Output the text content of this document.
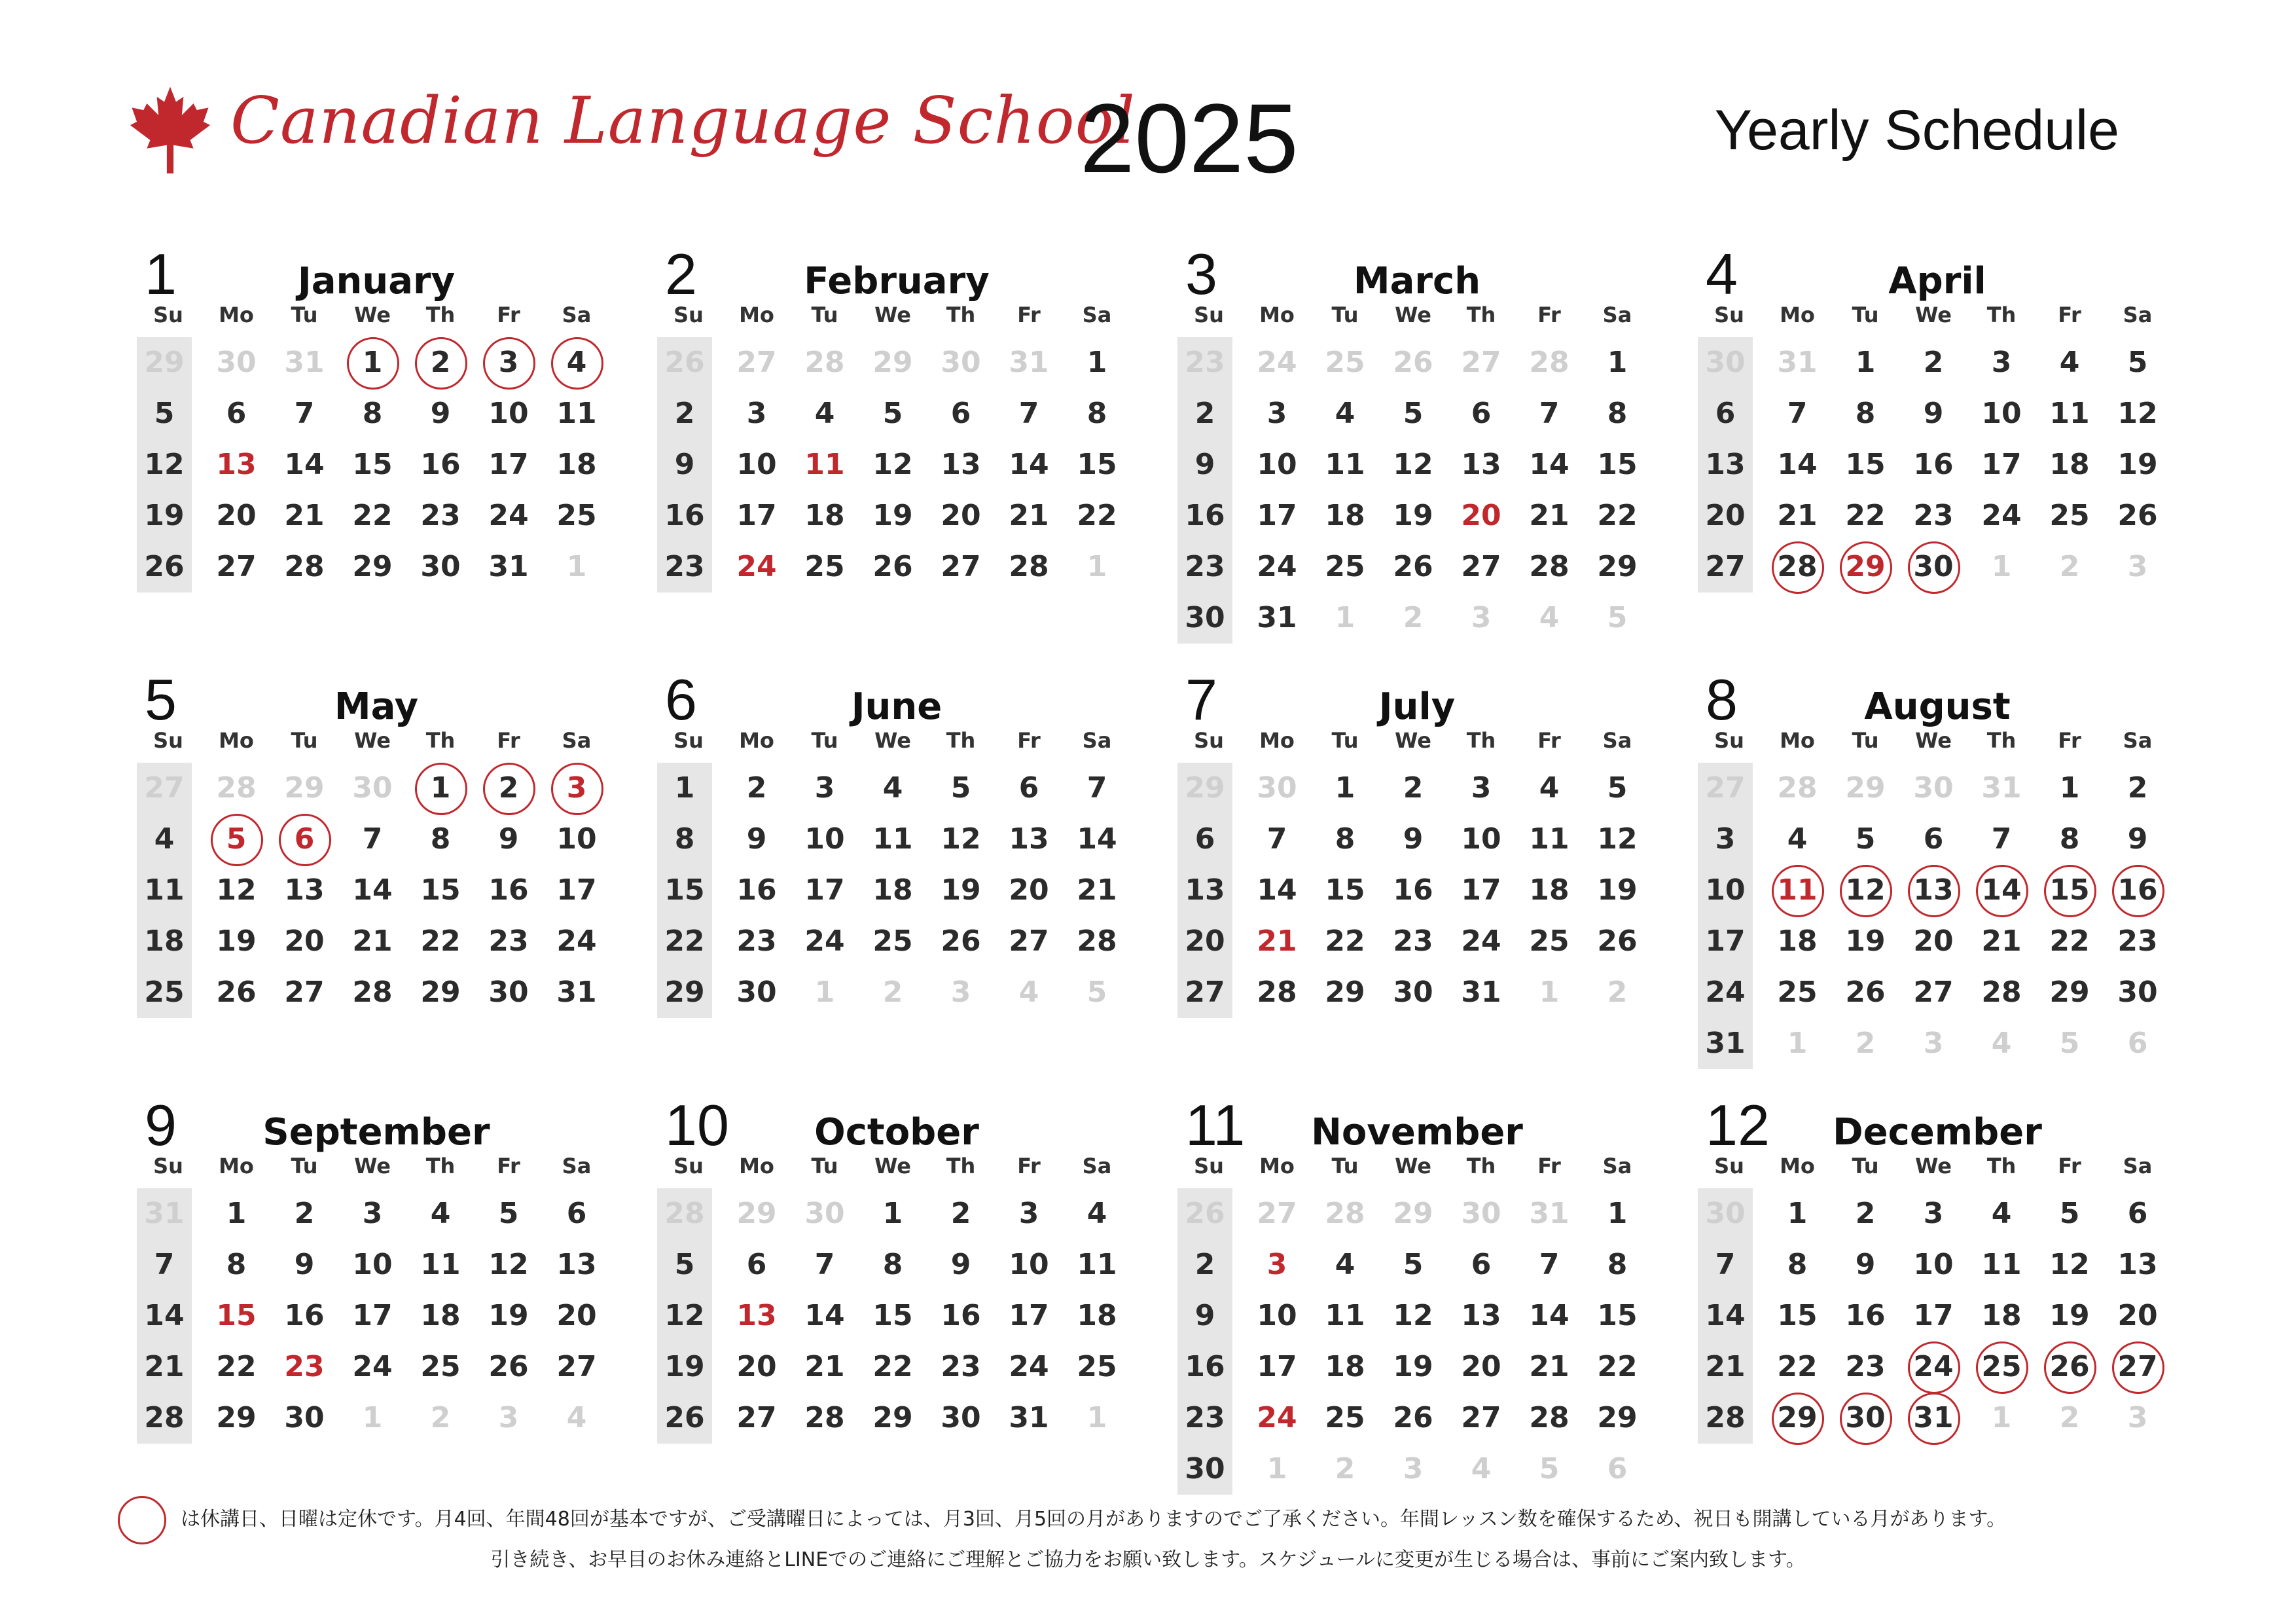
Canadian Language School
2025	Yearly Schedule
1	January
Su	Mo	Tu	We	Th	Fr	Sa
29	30 31	1	2	3	4
5	6	7	8	9	10 11
12	13 14 15 16 17 18
19	20 21 22 23 24 25
26	27 28 29 30 31	1
2	February
Su	Mo	Tu	We	Th	Fr	Sa
26	27 28 29 30 31	1
2	3	4	5	6	7	8
9	10 11 12 13 14 15
16	17 18 19 20 21 22
23	24 25 26 27 28	1
3	March
Su	Mo	Tu	We	Th	Fr	Sa
23	24 25 26 27 28	1
2	3	4	5	6	7	8
9	10 11 12 13 14 15
16	17 18 19 20 21 22
23	24 25 26 27 28 29
30	31	1	2	3	4	5
4	April
Su	Mo	Tu	We	Th	Fr	Sa
30	31	1	2	3	4	5
6	7	8	9	10 11 12
13	14 15 16 17 18 19
20	21 22 23 24 25 26
27	28 29 30	1	2	3
5	May
Su	Mo	Tu	We	Th	Fr	Sa
27	28 29 30	1	2	3
4	5	6	7	8	9	10
11	12 13 14 15 16 17
18	19 20 21 22 23 24
25	26 27 28 29 30 31
6	June
Su	Mo	Tu	We	Th	Fr	Sa
1	2	3	4	5	6	7
8	9	10 11 12 13 14
15	16 17 18 19 20 21
22	23 24 25 26 27 28
29	30	1	2	3	4	5
7	July
Su	Mo	Tu	We	Th	Fr	Sa
29	30	1	2	3	4	5
6	7	8	9	10 11 12
13	14 15 16 17 18 19
20	21 22 23 24 25 26
27	28 29 30 31	1	2
8	August
Su	Mo	Tu	We	Th	Fr	Sa
27	28 29 30 31	1	2
3	4	5	6	7	8	9
10	11 12 13 14 15 16
17	18 19 20 21 22 23
24	25 26 27 28 29 30
31	1	2	3	4	5	6
9	September
Su	Mo	Tu	We	Th	Fr	Sa
31	1	2	3	4	5	6
7	8	9	10 11 12 13
14	15 16 17 18 19 20
21	22 23 24 25 26 27
28	29 30	1	2	3	4
10	October
Su	Mo	Tu	We	Th	Fr	Sa
28	29 30	1	2	3	4
5	6	7	8	9	10 11
12	13 14 15 16 17 18
19	20 21 22 23 24 25
26	27 28 29 30 31	1
11	November
Su	Mo	Tu	We	Th	Fr	Sa
26	27 28 29 30 31	1
2	3	4	5	6	7	8
9	10 11 12 13 14 15
16	17 18 19 20 21 22
23	24 25 26 27 28 29
30	1	2	3	4	5	6
12	December
Su	Mo	Tu	We	Th	Fr	Sa
30	1	2	3	4	5	6
7	8	9	10 11 12 13
14	15 16 17 18 19 20
21	22 23 24 25 26 27
28	29 30 31	1	2	3
は休講日、日曜は定休です。月4回、年間48回が基本ですが、ご受講曜日によっては、月3回、月5回の月がありますのでご了承ください。年間レッスン数を確保するため、祝日も開講している月があります。
引き続き、お早目のお休み連絡とLINEでのご連絡にご理解とご協力をお願い致します。スケジュールに変更が生じる場合は、事前にご案内致します。
